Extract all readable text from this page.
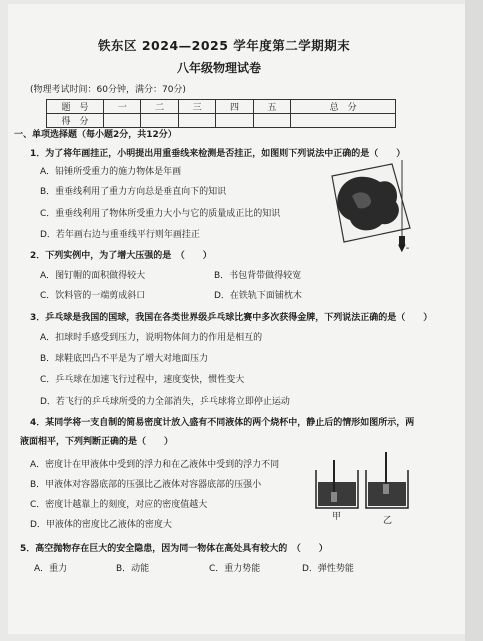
铁东区 2024—2025 学年度第二学期期末
八年级物理试卷
(物理考试时间：60分钟，满分：70分)
题　号	一	二	三	四	五	总　分
得　分						
一、单项选择题（每小题2分，共12分）
1．为了将年画挂正，小明提出用重垂线来检测是否挂正，如图则下列说法中正确的是（　　）
A．铅锤所受重力的施力物体是年画
B．重垂线利用了重力方向总是垂直向下的知识
C．重垂线利用了物体所受重力大小与它的质量成正比的知识
D．若年画右边与重垂线平行则年画挂正
▼-
2．下列实例中，为了增大压强的是　（　　）
A．图钉帽的面积做得较大	B．书包背带做得较宽
C．饮料管的一端剪成斜口	D．在铁轨下面铺枕木
3．乒乓球是我国的国球，我国在各类世界级乒乓球比赛中多次获得金牌，下列说法正确的是（　　）
A．扣球时手感受到压力，说明物体间力的作用是相互的
B．球鞋底凹凸不平是为了增大对地面压力
C．乒乓球在加速飞行过程中，速度变快，惯性变大
D．若飞行的乒乓球所受的力全部消失，乒乓球将立即停止运动
4．某同学将一支自制的简易密度计放入盛有不同液体的两个烧杯中，静止后的情形如图所示，两
液面相平，下列判断正确的是（　　）
A．密度计在甲液体中受到的浮力和在乙液体中受到的浮力不同
B．甲液体对容器底部的压强比乙液体对容器底部的压强小
C．密度计越靠上的刻度，对应的密度值越大
D．甲液体的密度比乙液体的密度大
甲	乙
5．高空抛物存在巨大的安全隐患，因为同一物体在高处具有较大的　（　　）
A．重力	B．动能	C．重力势能	D．弹性势能
